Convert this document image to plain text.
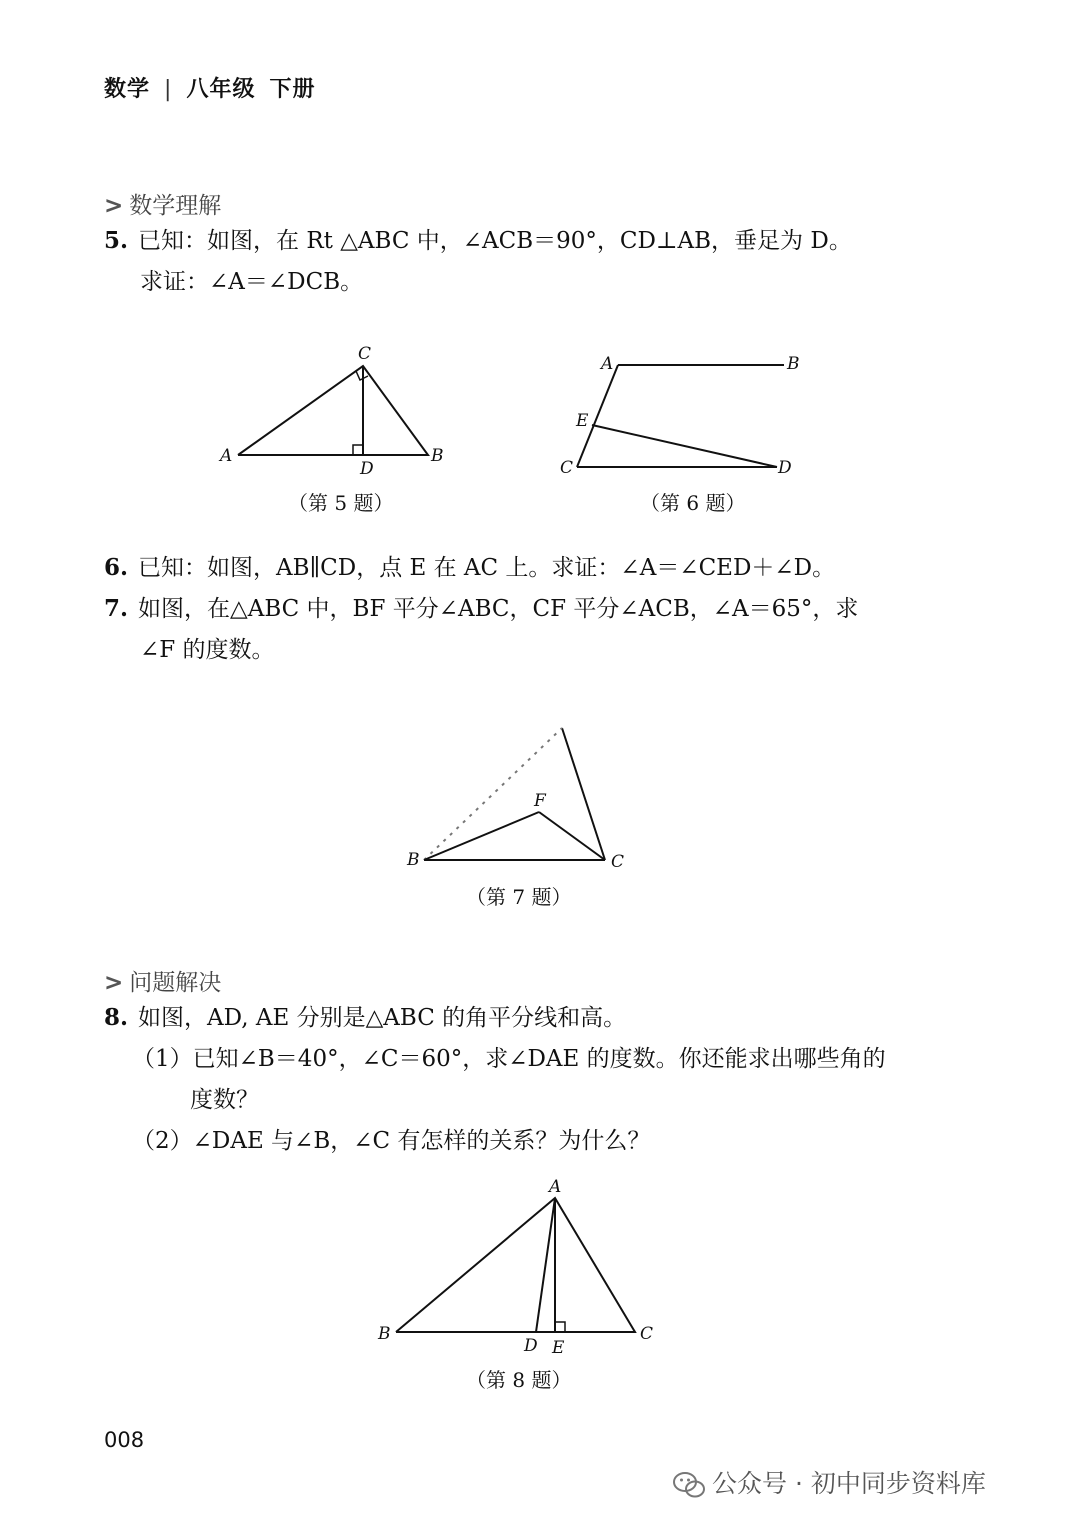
数学 | 八年级 下册
> 数学理解
5. 已知：如图，在 Rt △ABC 中，∠ACB＝90°，CD⊥AB，垂足为 D。
求证：∠A＝∠DCB。
C
A	B
D
（第 5 题）
A	B
E
C	D
（第 6 题）
6. 已知：如图，AB∥CD，点 E 在 AC 上。求证：∠A＝∠CED＋∠D。
7. 如图，在△ABC 中，BF 平分∠ABC，CF 平分∠ACB，∠A＝65°，求
∠F 的度数。
F
B	C
（第 7 题）
> 问题解决
8. 如图，AD, AE 分别是△ABC 的角平分线和高。
（1）已知∠B＝40°，∠C＝60°，求∠DAE 的度数。你还能求出哪些角的
度数？
（2）∠DAE 与∠B，∠C 有怎样的关系？为什么？
A
B	C
D E
（第 8 题）
008
公众号 · 初中同步资料库
